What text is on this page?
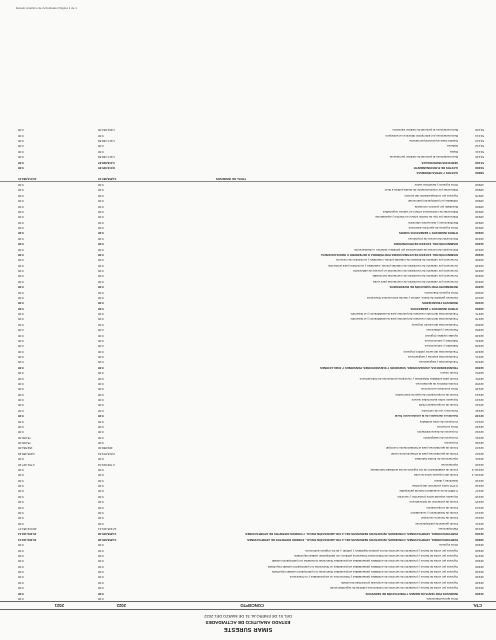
Estado Analítico de Actividades Página 1 de 1
SIMAR SURESTE
ESTADO ANALITICO DE ACTIVIDADES
DEL 01 DE ENERO AL 31 DE MARZO DEL 2022
CTA.
CONCEPTO
2022
2021
Otros aprovechamientos
0.00
0.00
41900
INGRESOS POR VENTA DE BIENES Y PRESTACIÓN DE SERVICIOS
0.00
0.00
41910
Ingresos por venta de bienes y prestación de servicios de instituciones públicas de seguridad social
0.00
0.00
41920
Ingresos por venta de bienes y prestación de servicios de empresas productivas del estado
0.00
0.00
41930
Ingresos por venta de bienes y prestación de servicios de entidades paraestatales y fideicomisos no empresariales y no financieros
0.00
0.00
41940
Ingresos por venta de bienes y prestación de servicios de entidades paraestatales empresariales financieras con participación estatal mayoritaria
0.00
0.00
41950
Ingresos por venta de bienes y prestación de servicios de entidades paraestatales empresariales no financieras con participación estatal mayoritaria
0.00
0.00
41960
Ingresos por venta de bienes y prestación de servicios de entidades paraestatales empresariales financieras monetarias con participación estatal
0.00
0.00
41970
Ingresos por venta de bienes y prestación de servicios de fideicomisos financieros públicos con participación estatal mayoritaria
0.00
0.00
41980
Ingresos por venta de bienes y prestación de servicios de los poderes legislativo y judicial, y de los órganos autónomos
0.00
0.00
41990
Otros ingresos
0.00
0.00
42000
PARTICIPACIONES, APORTACIONES, CONVENIOS, INCENTIVOS DERIVADOS DE LA COLABORACIÓN FISCAL, FONDOS DISTINTOS DE APORTACIONES
14,856,605.38
46,959,118.13
42100
PARTICIPACIONES, APORTACIONES, CONVENIOS, INCENTIVOS DERIVADOS DE LA COLABORACIÓN FISCAL Y FONDOS DISTINTOS DE APORTACIONES
14,856,605.38
46,959,118.13
42110
Participaciones
12,335,401.41
46,019,481.07
42111
Fondo general de participaciones
0.00
0.00
42112
Fondo de fomento municipal
0.00
0.00
42113
Fondo de fiscalización y recaudación
0.00
0.00
42114
Fondo de compensación
0.00
0.00
42115
Fondo de extracción de hidrocarburos
0.00
0.00
42116
Impuesto especial sobre producción y servicios
0.00
0.00
42117
0.136% de la recaudación federal participable
0.00
0.00
42118
3.17% sobre extracción del petróleo
0.00
0.00
42119
Gasolinas y diésel
0.00
0.00
42110-1
Fondo del impuesto sobre la renta
0.00
0.00
42110-2
Fondo de estabilización de los ingresos de las entidades federativas
0.00
0.00
42120
Aportaciones
2,799,819.04
4,751,337.30
42121
Aportaciones de fondos federales
0.00
0.00
42122
Fondo de aportaciones para la infraestructura social
2,015,873.81
4,608,485.39
42123
Fondo de aportaciones para el fortalecimiento municipal
283,865.00
152,561.00
42130
Convenios
0.00
75,000.00
42131
Convenios de reasignación
0.00
75,000.00
42132
Convenios de descentralización
0.00
0.00
42133
Otros convenios
0.00
0.00
42134
Convenios de otras entidades
0.00
0.00
42140
Incentivos derivados de la colaboración fiscal
0.00
0.00
42141
Tenencia o uso de vehículos
0.00
0.00
42142
Fondo de compensación ISAN
0.00
0.00
42143
Impuesto sobre automóviles nuevos
0.00
0.00
42144
Fondo de compensación de repecos-intermedios
0.00
0.00
42145
Otros incentivos económicos
0.00
0.00
42150
Fondos distintos de aportaciones
0.00
0.00
42151
Fondo para entidades federativas y municipios productores de hidrocarburos
0.00
0.00
42152
Fondo minero
0.00
0.00
42200
TRANSFERENCIAS, ASIGNACIONES, SUBSIDIOS Y SUBVENCIONES, PENSIONES Y JUBILACIONES
0.00
0.00
42210
Transferencias y asignaciones
0.00
0.00
42211
Transferencias internas y asignaciones
0.00
0.00
42220
Transferencias del sector público (ingreso)
0.00
0.00
42230
Subsidios y subvenciones
0.00
0.00
42231
Subsidios y subvenciones
0.00
0.00
42240
Ayudas sociales (ingreso)
0.00
0.00
42250
Pensiones y jubilaciones
0.00
0.00
42260
Transferencias del exterior (ingreso)
0.00
0.00
42270
Transferencias del fondo mexicano del petróleo para la estabilización y el desarrollo
0.00
0.00
42271
Transferencias del fondo mexicano del petróleo para la estabilización y el desarrollo
0.00
0.00
43000
OTROS INGRESOS Y BENEFICIOS
0.00
0.00
43100
INGRESOS FINANCIEROS
0.00
0.00
43110
Intereses ganados de títulos, valores y demás instrumentos financieros
0.00
0.00
43190
Otros ingresos financieros
0.00
0.00
43200
INCREMENTO POR VARIACIÓN DE INVENTARIOS
0.00
0.00
43210
Incremento por variación de inventarios de mercancías para venta
0.00
0.00
43220
Incremento por variación de inventarios de mercancías terminadas
0.00
0.00
43230
Incremento por variación de inventarios de mercancías en proceso de elaboración
0.00
0.00
43240
Incremento por variación de inventarios de materias primas, materiales y suministros para producción
0.00
0.00
43250
Incremento por variación de almacén de materias primas, materiales y suministros de consumo
0.00
0.00
43300
DISMINUCIÓN DEL EXCESO DE ESTIMACIONES POR PÉRDIDA O DETERIORO U OBSOLESCENCIA
0.00
0.00
43310
Disminución del exceso de estimaciones por pérdida o deterioro u obsolescencia
0.00
0.00
43400
DISMINUCIÓN DEL EXCESO DE PROVISIONES
0.00
0.00
43410
Disminución del exceso de provisiones
0.00
0.00
43900
OTROS INGRESOS Y BENEFICIOS VARIOS
0.00
0.00
43910
Otros ingresos de ejercicios anteriores
0.00
0.00
43920
Bonificaciones y descuentos obtenidos
0.00
0.00
43930
Diferencias por tipo de cambio a favor en efectivo y equivalentes
0.00
0.00
43940
Diferencias de cotizaciones a favor en valores negociables
0.00
0.00
43950
Resultado por posición monetaria
0.00
0.00
43960
Utilidades por participación patrimonial
0.00
0.00
43970
Ingresos por contraprestación del servicio
0.00
0.00
43980
Diferencias por reestructuración de deuda pública a favor
0.00
0.00
43990
Otros ingresos y beneficios varios
0.00
0.00
TOTAL DE INGRESOS
14,856,887.10
49,513,884.15
50000
GASTOS Y OTRAS PÉRDIDAS
51000
GASTOS DE FUNCIONAMIENTO
8,510,025.05
0.00
51100
SERVICIOS PERSONALES
3,418,826.87
0.00
51110
Remuneraciones al personal de carácter permanente
1,917,165.89
0.00
51111
Dietas
0.00
0.00
51112
Haberes
0.00
0.00
51113
Sueldos base al personal permanente
1,917,165.89
0.00
51114
Remuneraciones por adscripción laboral en el extranjero
0.00
0.00
51120
Remuneraciones al personal de carácter transitorio
1,501,661.00
0.00
